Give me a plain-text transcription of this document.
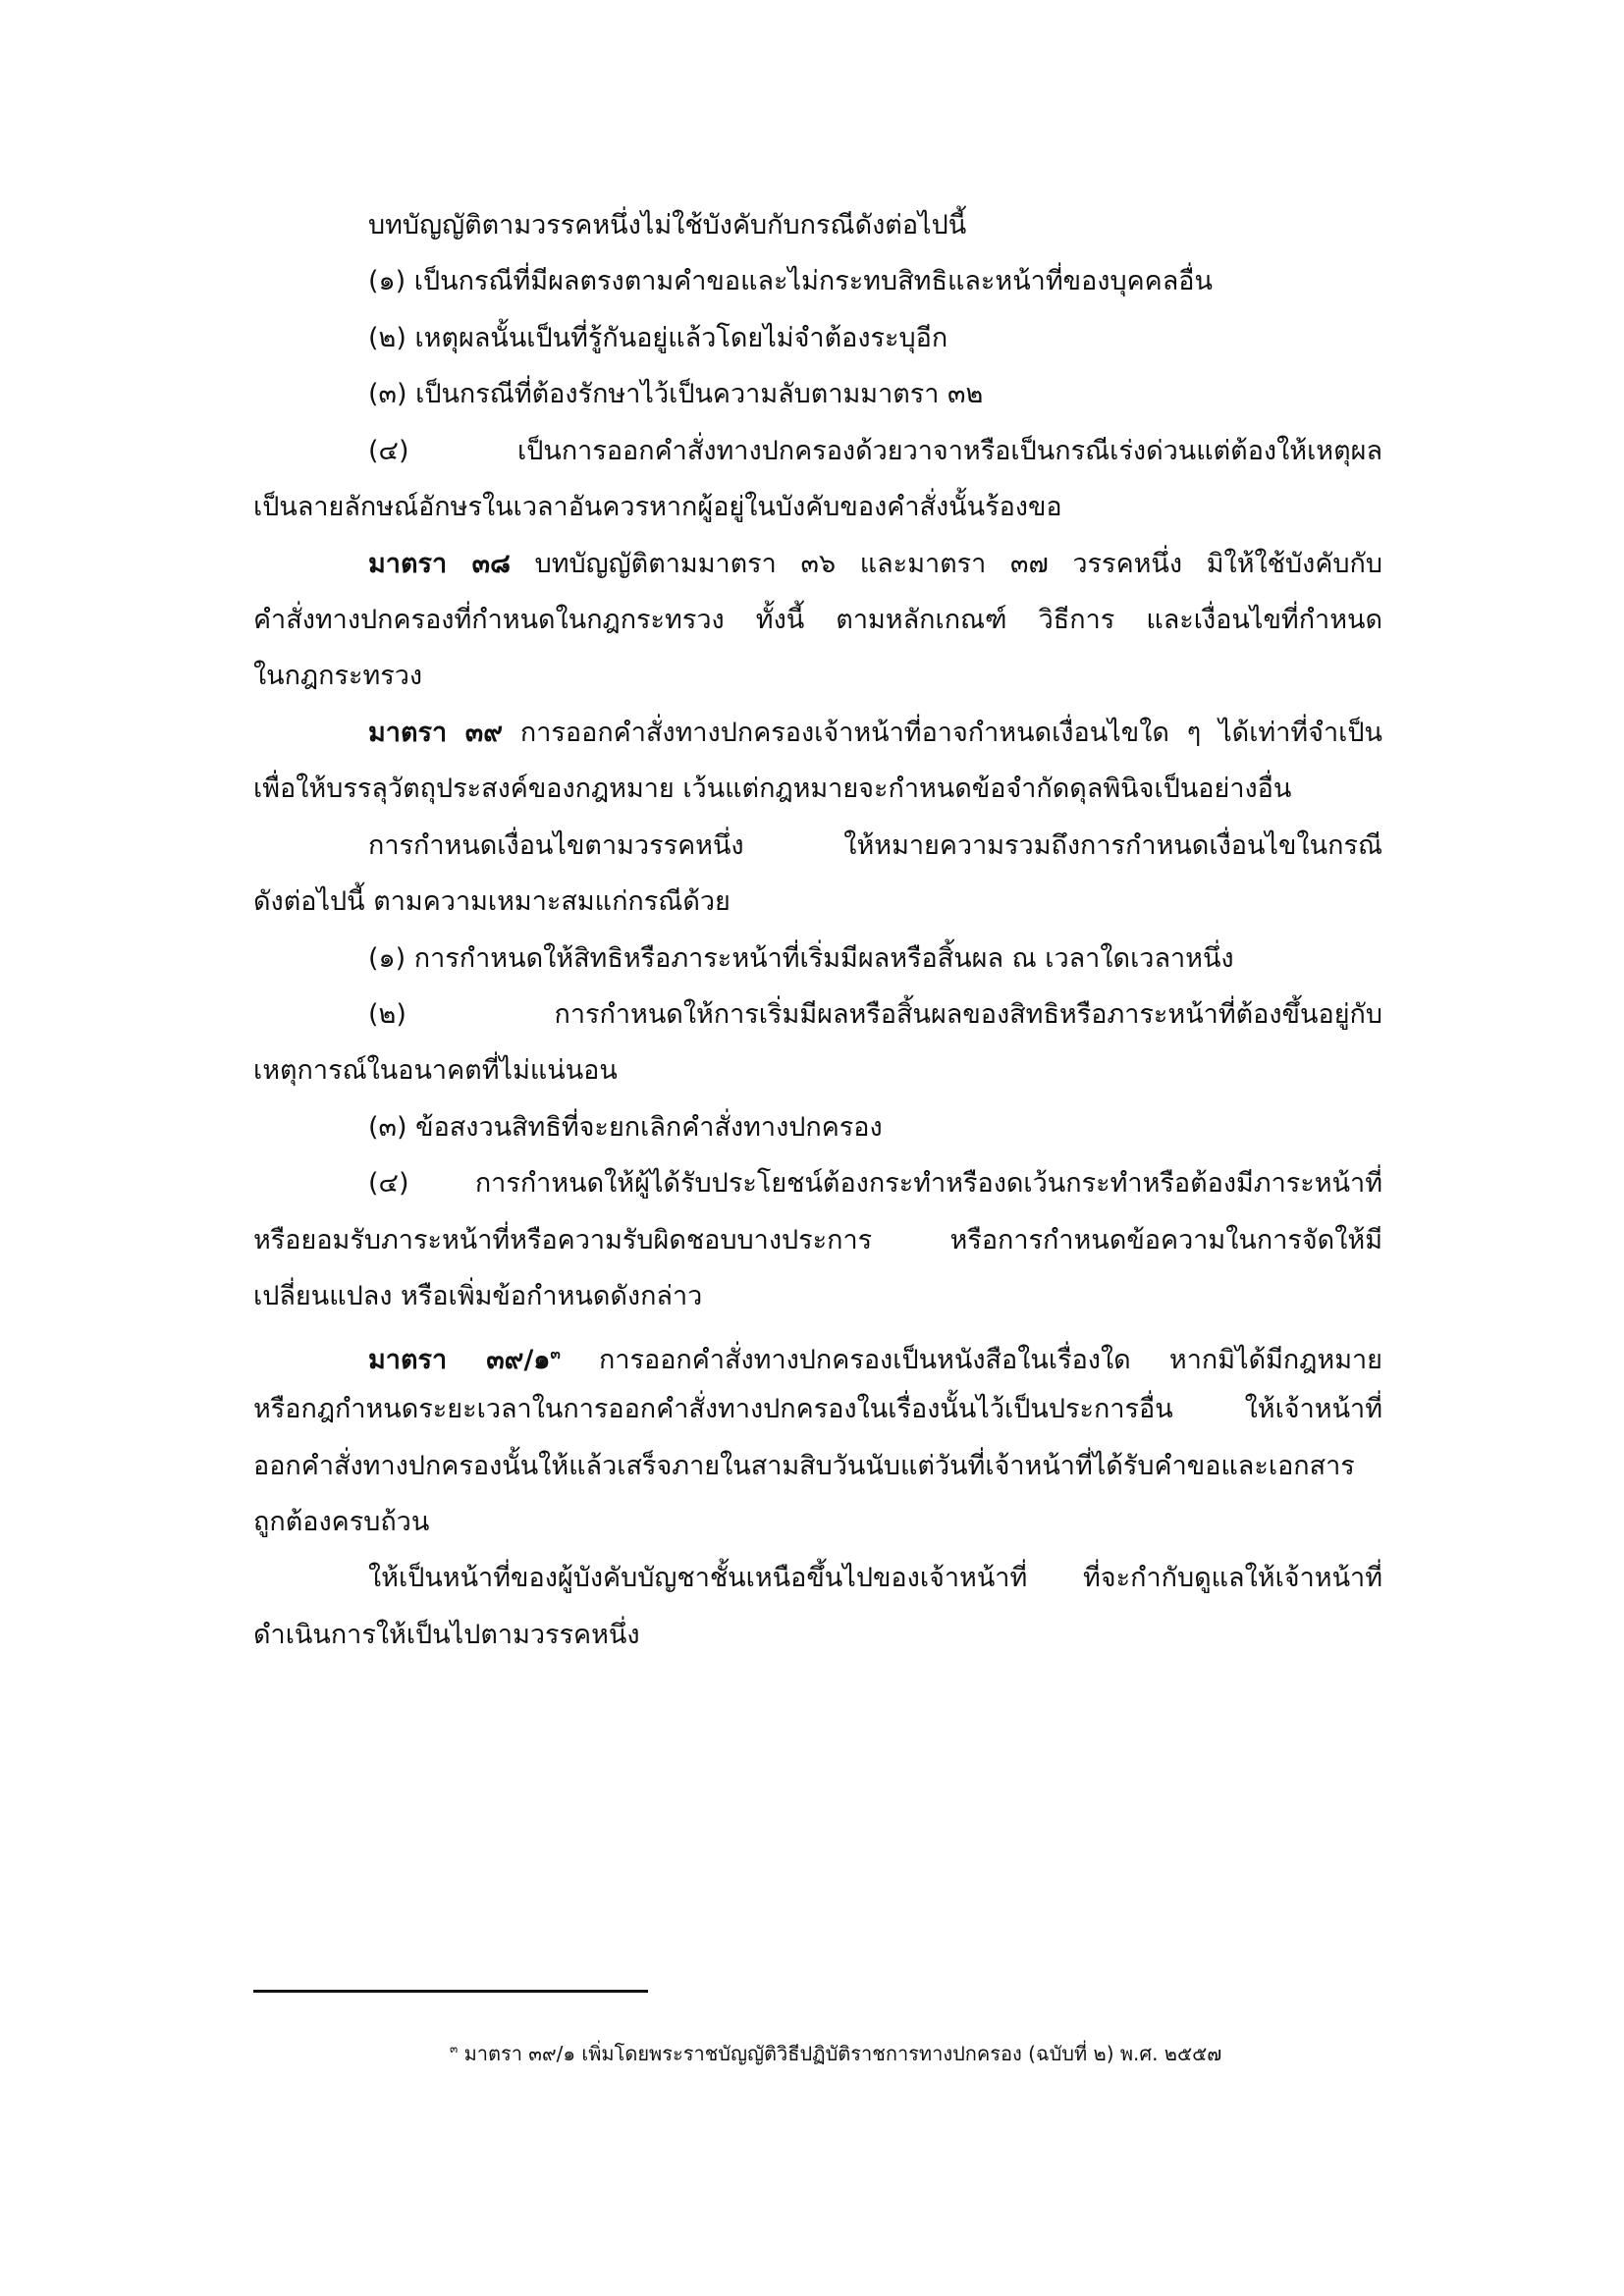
บทบัญญัติตามวรรคหนึ่งไม่ใช้บังคับกับกรณีดังต่อไปนี้
(๑) เป็นกรณีที่มีผลตรงตามคำขอและไม่กระทบสิทธิและหน้าที่ของบุคคลอื่น
(๒) เหตุผลนั้นเป็นที่รู้กันอยู่แล้วโดยไม่จำต้องระบุอีก
(๓) เป็นกรณีที่ต้องรักษาไว้เป็นความลับตามมาตรา ๓๒
(๔) เป็นการออกคำสั่งทางปกครองด้วยวาจาหรือเป็นกรณีเร่งด่วนแต่ต้องให้เหตุผล
เป็นลายลักษณ์อักษรในเวลาอันควรหากผู้อยู่ในบังคับของคำสั่งนั้นร้องขอ
มาตรา ๓๘ บทบัญญัติตามมาตรา ๓๖ และมาตรา ๓๗ วรรคหนึ่ง มิให้ใช้บังคับกับ
คำสั่งทางปกครองที่กำหนดในกฎกระทรวง ทั้งนี้ ตามหลักเกณฑ์ วิธีการ และเงื่อนไขที่กำหนด
ในกฎกระทรวง
มาตรา ๓๙ การออกคำสั่งทางปกครองเจ้าหน้าที่อาจกำหนดเงื่อนไขใด ๆ ได้เท่าที่จำเป็น
เพื่อให้บรรลุวัตถุประสงค์ของกฎหมาย เว้นแต่กฎหมายจะกำหนดข้อจำกัดดุลพินิจเป็นอย่างอื่น
การกำหนดเงื่อนไขตามวรรคหนึ่ง ให้หมายความรวมถึงการกำหนดเงื่อนไขในกรณี
ดังต่อไปนี้ ตามความเหมาะสมแก่กรณีด้วย
(๑) การกำหนดให้สิทธิหรือภาระหน้าที่เริ่มมีผลหรือสิ้นผล ณ เวลาใดเวลาหนึ่ง
(๒) การกำหนดให้การเริ่มมีผลหรือสิ้นผลของสิทธิหรือภาระหน้าที่ต้องขึ้นอยู่กับ
เหตุการณ์ในอนาคตที่ไม่แน่นอน
(๓) ข้อสงวนสิทธิที่จะยกเลิกคำสั่งทางปกครอง
(๔) การกำหนดให้ผู้ได้รับประโยชน์ต้องกระทำหรืองดเว้นกระทำหรือต้องมีภาระหน้าที่
หรือยอมรับภาระหน้าที่หรือความรับผิดชอบบางประการ หรือการกำหนดข้อความในการจัดให้มี
เปลี่ยนแปลง หรือเพิ่มข้อกำหนดดังกล่าว
มาตรา ๓๙/๑$^๓$ การออกคำสั่งทางปกครองเป็นหนังสือในเรื่องใด หากมิได้มีกฎหมาย
หรือกฎกำหนดระยะเวลาในการออกคำสั่งทางปกครองในเรื่องนั้นไว้เป็นประการอื่น ให้เจ้าหน้าที่
ออกคำสั่งทางปกครองนั้นให้แล้วเสร็จภายในสามสิบวันนับแต่วันที่เจ้าหน้าที่ได้รับคำขอและเอกสาร
ถูกต้องครบถ้วน
ให้เป็นหน้าที่ของผู้บังคับบัญชาชั้นเหนือขึ้นไปของเจ้าหน้าที่ ที่จะกำกับดูแลให้เจ้าหน้าที่
ดำเนินการให้เป็นไปตามวรรคหนึ่ง
$^๓$ มาตรา ๓๙/๑ เพิ่มโดยพระราชบัญญัติวิธีปฏิบัติราชการทางปกครอง (ฉบับที่ ๒) พ.ศ. ๒๕๕๗
